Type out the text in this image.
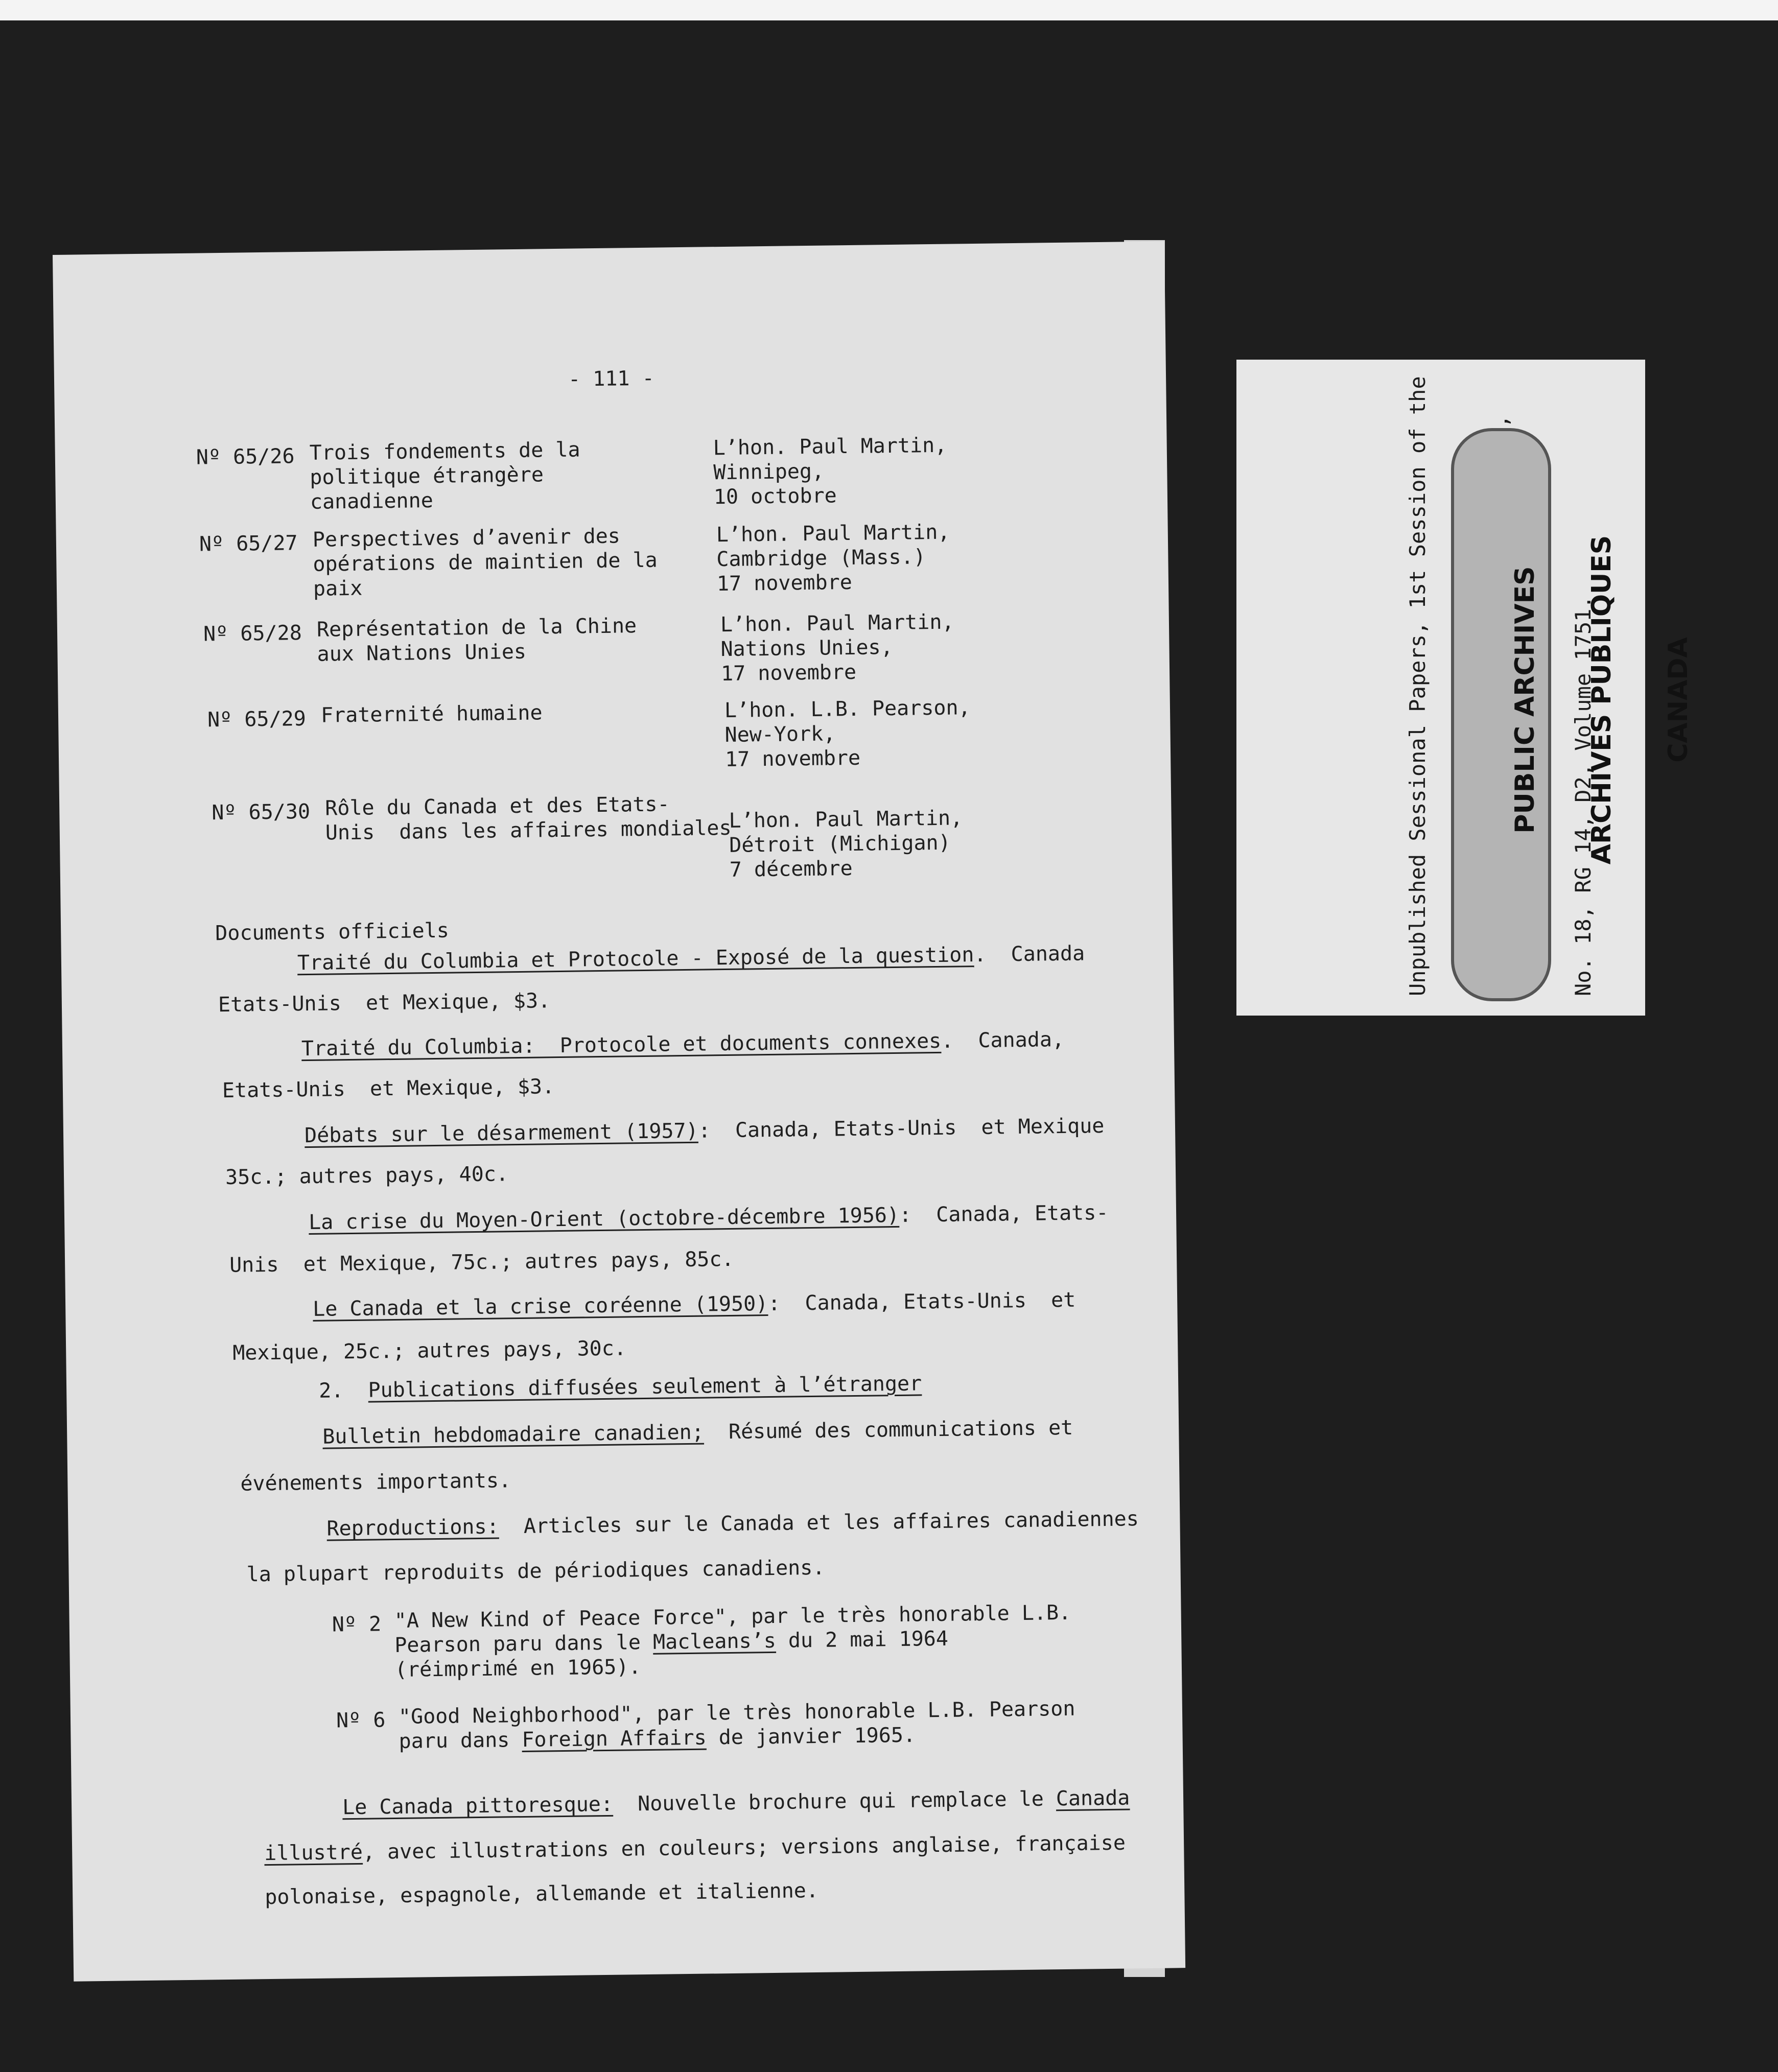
- 111 -
Nº 65/26 Trois fondements de la
politique étrangère
canadienne
L’hon. Paul Martin,
Winnipeg,
10 octobre
Nº 65/27 Perspectives d’avenir des
opérations de maintien de la
paix
L’hon. Paul Martin,
Cambridge (Mass.)
17 novembre
Nº 65/28 Représentation de la Chine
aux Nations Unies
L’hon. Paul Martin,
Nations Unies,
17 novembre
Nº 65/29 Fraternité humaine	L’hon. L.B. Pearson,
New-York,
17 novembre
Nº 65/30 Rôle du Canada et des Etats-
Unis  dans les affaires mondiales
L’hon. Paul Martin,
Détroit (Michigan)
7 décembre
Documents officiels
Traité du Columbia et Protocole - Exposé de la question.  Canada
Etats-Unis  et Mexique, $3.
Traité du Columbia:  Protocole et documents connexes.  Canada,
Etats-Unis  et Mexique, $3.
Débats sur le désarmement (1957):  Canada, Etats-Unis  et Mexique
35c.; autres pays, 40c.
La crise du Moyen-Orient (octobre-décembre 1956):  Canada, Etats-
Unis  et Mexique, 75c.; autres pays, 85c.
Le Canada et la crise coréenne (1950):  Canada, Etats-Unis  et
Mexique, 25c.; autres pays, 30c.
2. Publications diffusées seulement à l’étranger
Bulletin hebdomadaire canadien;  Résumé des communications et
événements importants.
Reproductions:  Articles sur le Canada et les affaires canadiennes
la plupart reproduits de périodiques canadiens.
Nº 2 "A New Kind of Peace Force", par le très honorable L.B.
Pearson paru dans le Macleans’s du 2 mai 1964
(réimprimé en 1965).
Nº 6 "Good Neighborhood", par le très honorable L.B. Pearson
paru dans Foreign Affairs de janvier 1965.
Le Canada pittoresque:  Nouvelle brochure qui remplace le Canada
illustré, avec illustrations en couleurs; versions anglaise, française
polonaise, espagnole, allemande et italienne.

Unpublished Sessional Papers, 1st Session of the

	No. 18, RG 14, D2, Volume 1751.

PUBLIC ARCHIVES

ARCHIVES PUBLIQUES

CANADA
